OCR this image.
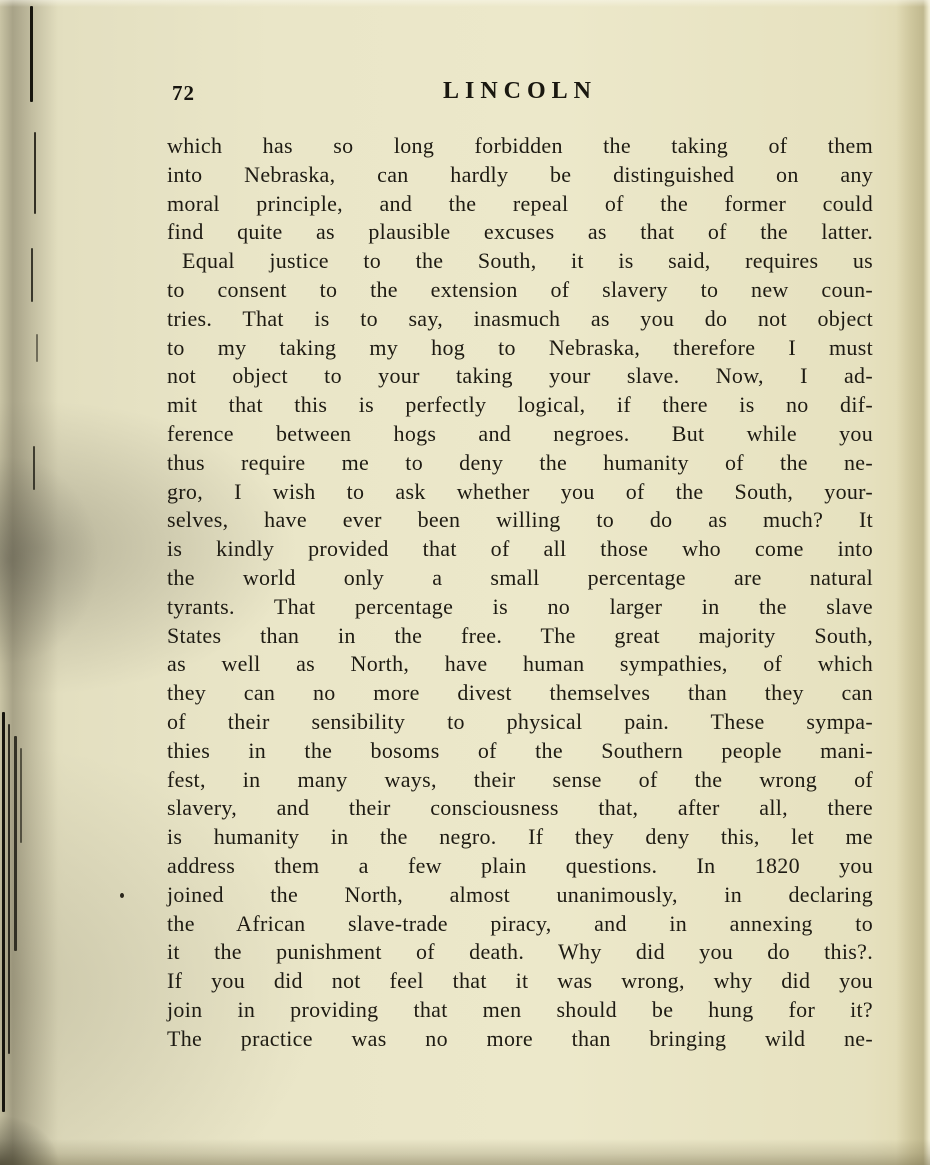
72	LINCOLN
which has so long forbidden the taking of them
into Nebraska, can hardly be distinguished on any
moral principle, and the repeal of the former could
find quite as plausible excuses as that of the latter.
Equal justice to the South, it is said, requires us
to consent to the extension of slavery to new coun-
tries. That is to say, inasmuch as you do not object
to my taking my hog to Nebraska, therefore I must
not object to your taking your slave. Now, I ad-
mit that this is perfectly logical, if there is no dif-
ference between hogs and negroes. But while you
thus require me to deny the humanity of the ne-
gro, I wish to ask whether you of the South, your-
selves, have ever been willing to do as much? It
is kindly provided that of all those who come into
the world only a small percentage are natural
tyrants. That percentage is no larger in the slave
States than in the free. The great majority South,
as well as North, have human sympathies, of which
they can no more divest themselves than they can
of their sensibility to physical pain. These sympa-
thies in the bosoms of the Southern people mani-
fest, in many ways, their sense of the wrong of
slavery, and their consciousness that, after all, there
is humanity in the negro. If they deny this, let me
address them a few plain questions. In 1820 you
joined the North, almost unanimously, in declaring
the African slave-trade piracy, and in annexing to
it the punishment of death. Why did you do this?.
If you did not feel that it was wrong, why did you
join in providing that men should be hung for it?
The practice was no more than bringing wild ne-
